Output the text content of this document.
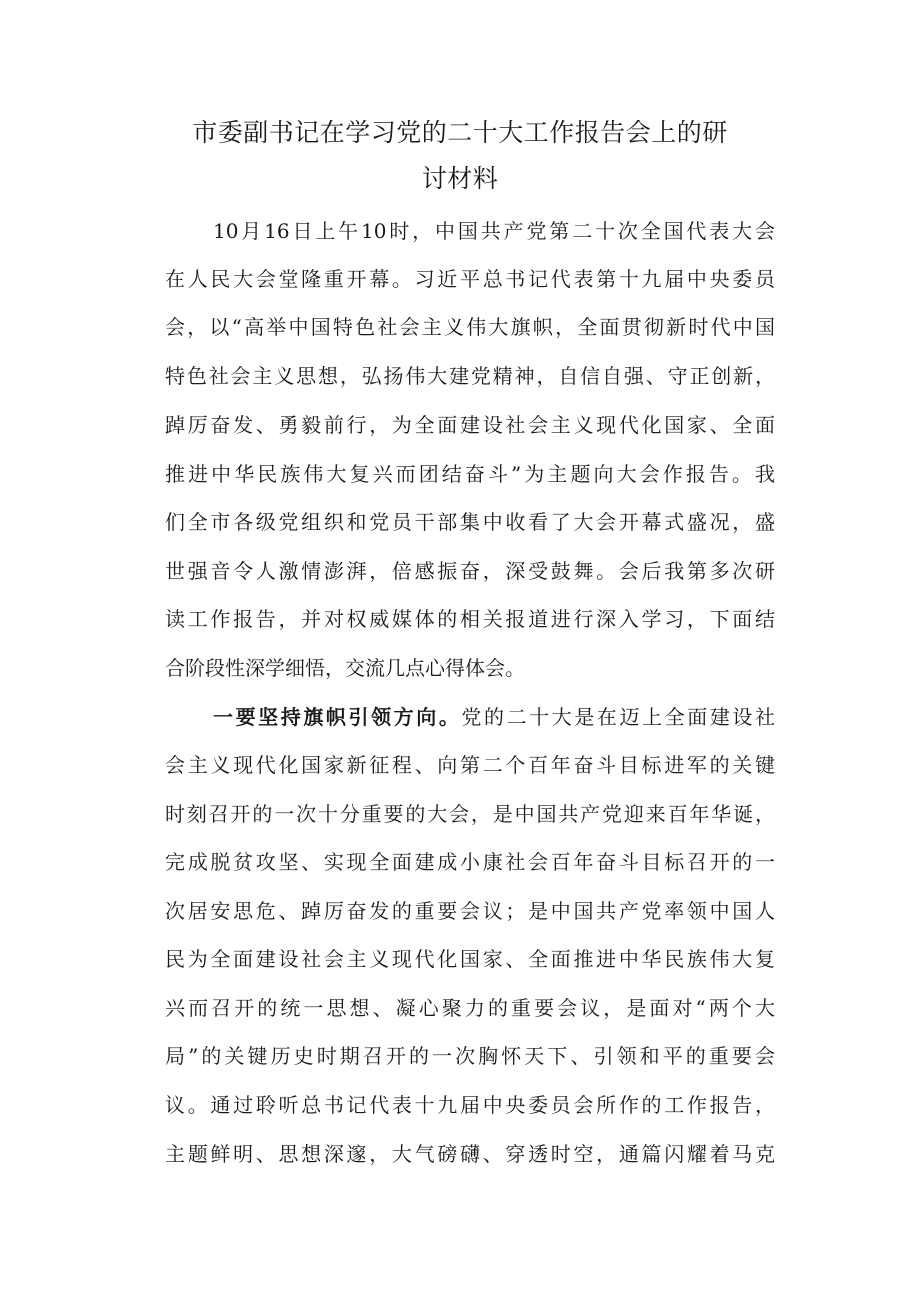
市委副书记在学习党的二十大工作报告会上的研
讨材料
10月16日上午10时，中国共产党第二十次全国代表大会
在人民大会堂隆重开幕。习近平总书记代表第十九届中央委员
会，以“高举中国特色社会主义伟大旗帜，全面贯彻新时代中国
特色社会主义思想，弘扬伟大建党精神，自信自强、守正创新，
踔厉奋发、勇毅前行，为全面建设社会主义现代化国家、全面
推进中华民族伟大复兴而团结奋斗”为主题向大会作报告。我
们全市各级党组织和党员干部集中收看了大会开幕式盛况，盛
世强音令人激情澎湃，倍感振奋，深受鼓舞。会后我第多次研
读工作报告，并对权威媒体的相关报道进行深入学习，下面结
合阶段性深学细悟，交流几点心得体会。
一要坚持旗帜引领方向。党的二十大是在迈上全面建设社
会主义现代化国家新征程、向第二个百年奋斗目标进军的关键
时刻召开的一次十分重要的大会，是中国共产党迎来百年华诞，
完成脱贫攻坚、实现全面建成小康社会百年奋斗目标召开的一
次居安思危、踔厉奋发的重要会议；是中国共产党率领中国人
民为全面建设社会主义现代化国家、全面推进中华民族伟大复
兴而召开的统一思想、凝心聚力的重要会议，是面对“两个大
局”的关键历史时期召开的一次胸怀天下、引领和平的重要会
议。通过聆听总书记代表十九届中央委员会所作的工作报告，
主题鲜明、思想深邃，大气磅礴、穿透时空，通篇闪耀着马克
